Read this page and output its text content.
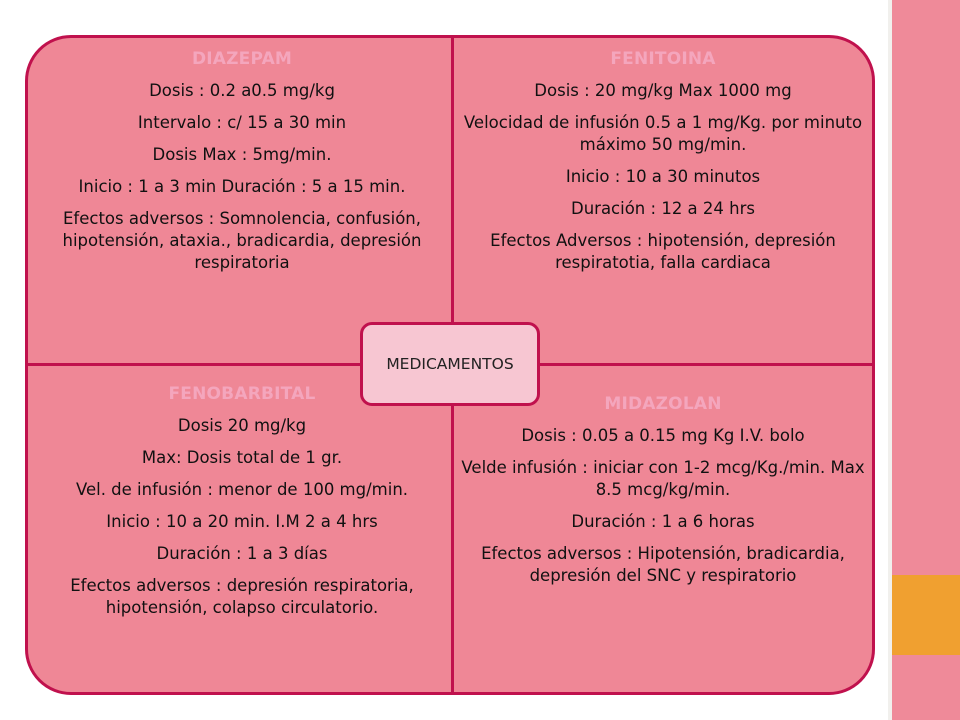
DIAZEPAM
Dosis : 0.2 a0.5 mg/kg
Intervalo : c/ 15 a 30 min
Dosis Max : 5mg/min.
Inicio : 1 a 3 min Duración : 5 a 15 min.
Efectos adversos : Somnolencia, confusión, hipotensión, ataxia., bradicardia, depresión respiratoria
FENITOINA
Dosis : 20 mg/kg Max 1000 mg
Velocidad de infusión 0.5 a 1 mg/Kg. por minuto máximo 50 mg/min.
Inicio : 10 a 30 minutos
Duración : 12 a 24 hrs
Efectos Adversos : hipotensión, depresión respiratotia, falla cardiaca
FENOBARBITAL
Dosis 20 mg/kg
Max: Dosis total de 1 gr.
Vel. de infusión : menor de 100 mg/min.
Inicio : 10 a 20 min. I.M 2 a 4 hrs
Duración : 1 a 3 días
Efectos adversos : depresión respiratoria, hipotensión, colapso circulatorio.
MIDAZOLAN
Dosis : 0.05 a 0.15 mg Kg I.V. bolo
Velde infusión : iniciar con 1-2 mcg/Kg./min. Max 8.5 mcg/kg/min.
Duración : 1 a 6 horas
Efectos adversos : Hipotensión, bradicardia, depresión del SNC y respiratorio
MEDICAMENTOS
